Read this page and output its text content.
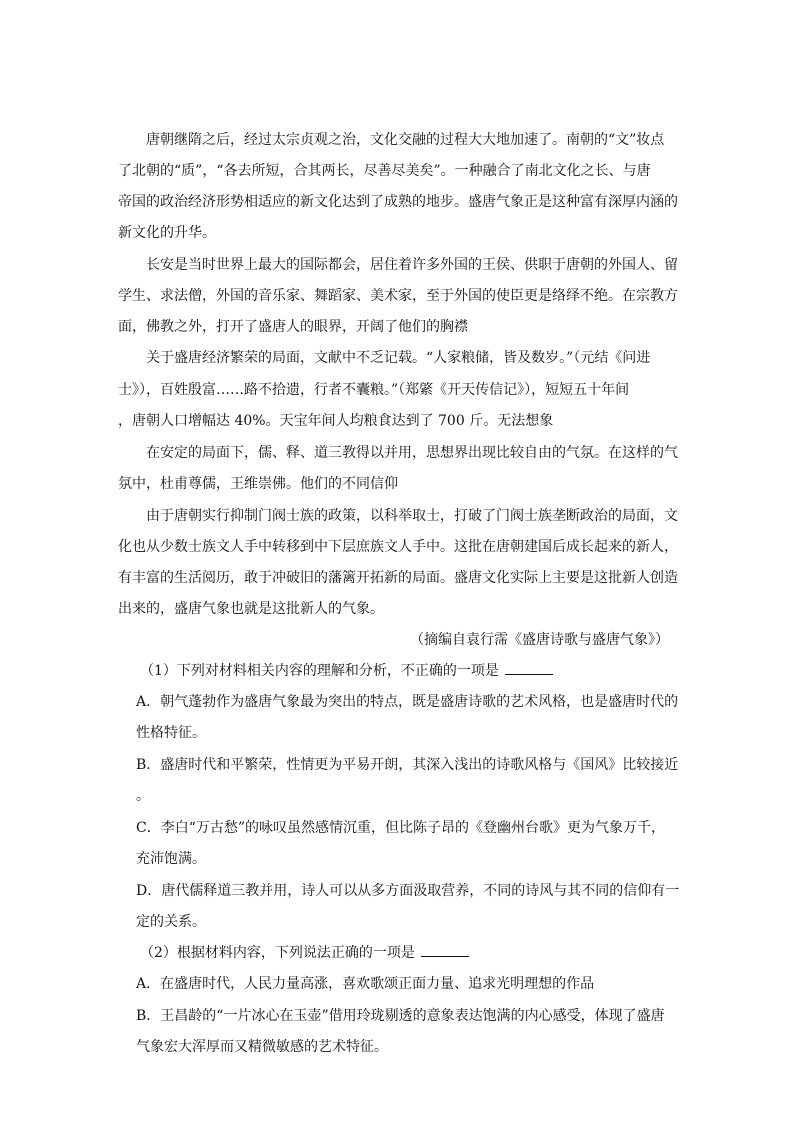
唐朝继隋之后，经过太宗贞观之治，文化交融的过程大大地加速了。南朝的“文”妆点
了北朝的“质”，“各去所短，合其两长，尽善尽美矣”。一种融合了南北文化之长、与唐
帝国的政治经济形势相适应的新文化达到了成熟的地步。盛唐气象正是这种富有深厚内涵的
新文化的升华。
长安是当时世界上最大的国际都会，居住着许多外国的王侯、供职于唐朝的外国人、留
学生、求法僧，外国的音乐家、舞蹈家、美术家，至于外国的使臣更是络绎不绝。在宗教方
面，佛教之外，打开了盛唐人的眼界，开阔了他们的胸襟
关于盛唐经济繁荣的局面，文献中不乏记载。“人家粮储，皆及数岁。”（元结《问进
士》），百姓殷富……路不拾遗，行者不囊粮。”（郑綮《开天传信记》），短短五十年间
，唐朝人口增幅达 40%。天宝年间人均粮食达到了 700 斤。无法想象
在安定的局面下，儒、释、道三教得以并用，思想界出现比较自由的气氛。在这样的气
氛中，杜甫尊儒，王维崇佛。他们的不同信仰
由于唐朝实行抑制门阀士族的政策，以科举取士，打破了门阀士族垄断政治的局面，文
化也从少数士族文人手中转移到中下层庶族文人手中。这批在唐朝建国后成长起来的新人，
有丰富的生活阅历，敢于冲破旧的藩篱开拓新的局面。盛唐文化实际上主要是这批新人创造
出来的，盛唐气象也就是这批新人的气象。
（摘编自袁行霈《盛唐诗歌与盛唐气象》）
（1）下列对材料相关内容的理解和分析，不正确的一项是
A．朝气蓬勃作为盛唐气象最为突出的特点，既是盛唐诗歌的艺术风格，也是盛唐时代的
性格特征。
B．盛唐时代和平繁荣，性情更为平易开朗，其深入浅出的诗歌风格与《国风》比较接近
。
C．李白“万古愁”的咏叹虽然感情沉重，但比陈子昂的《登幽州台歌》更为气象万千，
充沛饱满。
D．唐代儒释道三教并用，诗人可以从多方面汲取营养，不同的诗风与其不同的信仰有一
定的关系。
（2）根据材料内容，下列说法正确的一项是
A．在盛唐时代，人民力量高涨，喜欢歌颂正面力量、追求光明理想的作品
B．王昌龄的“一片冰心在玉壶”借用玲珑剔透的意象表达饱满的内心感受，体现了盛唐
气象宏大浑厚而又精微敏感的艺术特征。
